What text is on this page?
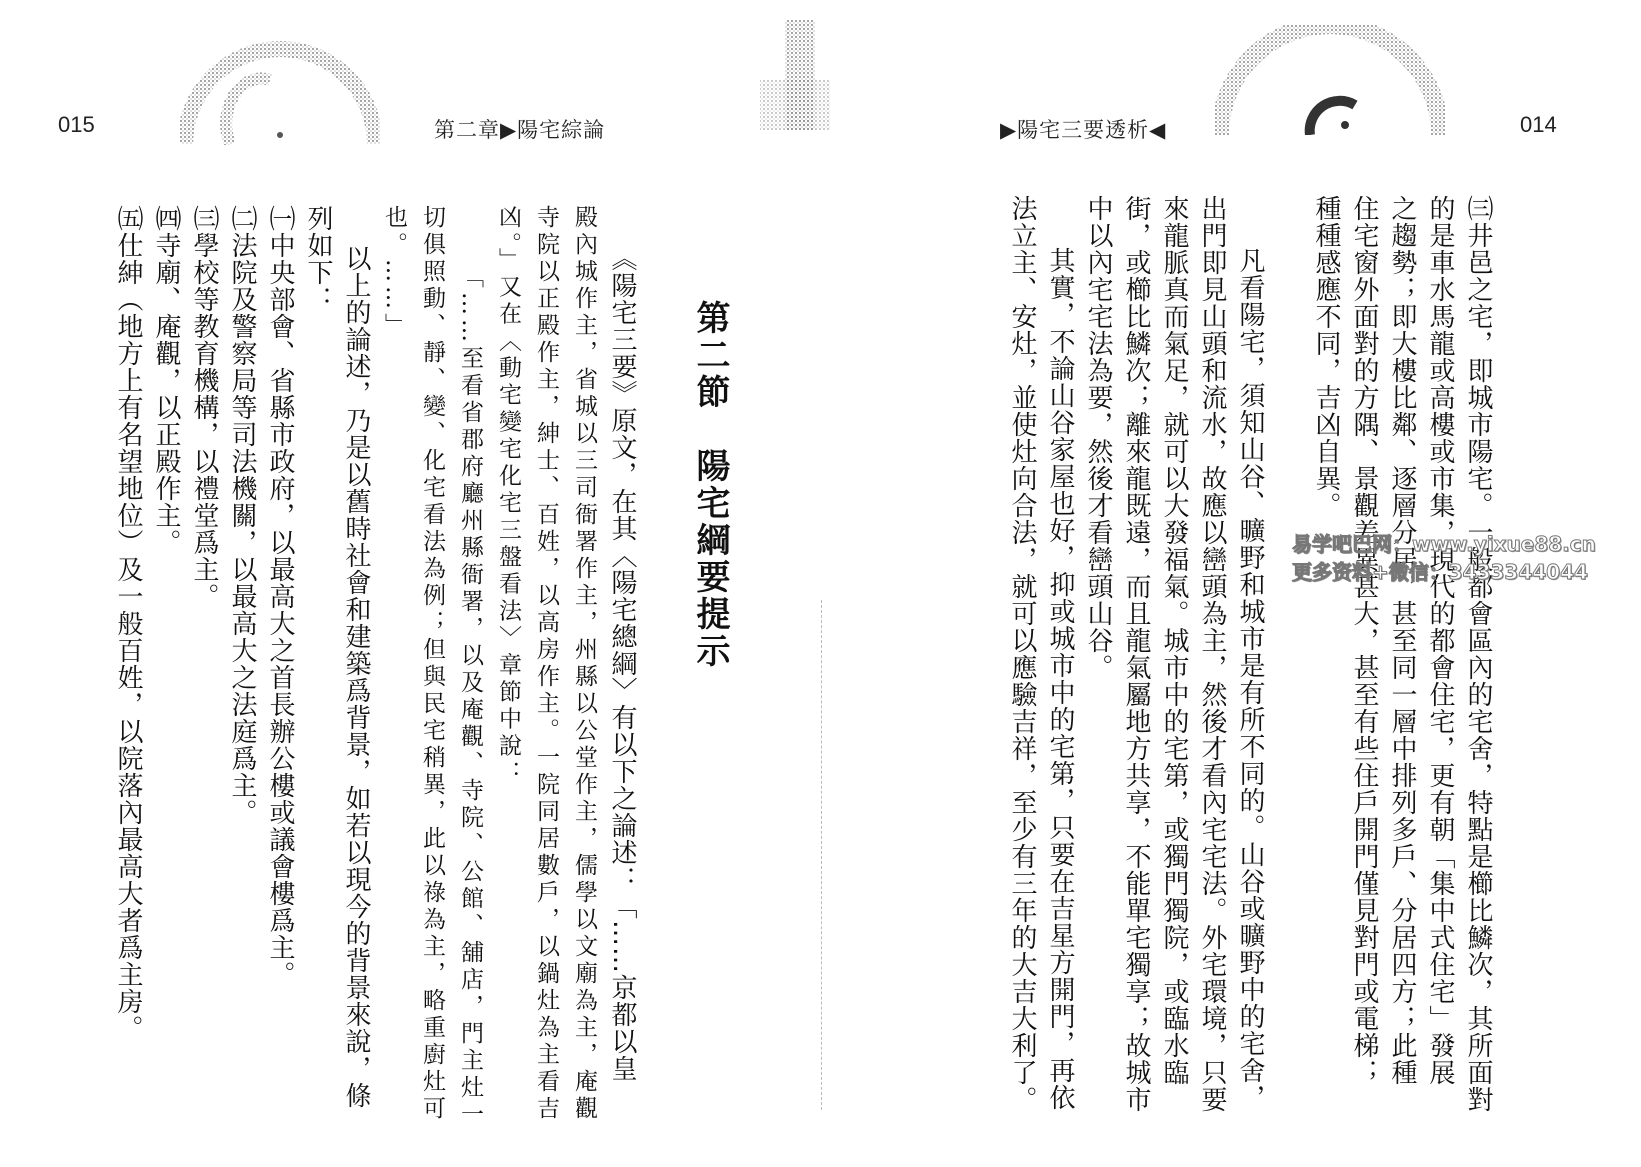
015	第二章▶陽宅綜論
第二節　陽宅綱要提示
《陽宅三要》原文，在其〈陽宅總綱〉有以下之論述：「……京都以皇
殿內城作主，省城以三司衙署作主，州縣以公堂作主，儒學以文廟為主，庵觀
寺院以正殿作主，紳士、百姓，以高房作主。一院同居數戶，以鍋灶為主看吉
凶。」又在〈動宅變宅化宅三盤看法〉章節中說：
「……至看省郡府廳州縣衙署，以及庵觀、寺院、公館、舖店，門主灶一
切俱照動、靜、變、化宅看法為例；但與民宅稍異，此以祿為主，略重廚灶可
也。……」
以上的論述，乃是以舊時社會和建築爲背景，如若以現今的背景來說，條
列如下：
㈠中央部會、省縣市政府，以最高大之首長辦公樓或議會樓爲主。
㈡法院及警察局等司法機關，以最高大之法庭爲主。
㈢學校等教育機構，以禮堂爲主。
㈣寺廟、庵觀，以正殿作主。
㈤仕紳（地方上有名望地位）及一般百姓，以院落內最高大者爲主房。
▶陽宅三要透析◀	014
㈢井邑之宅，即城市陽宅。一般都會區內的宅舍，特點是櫛比鱗次，其所面對
的是車水馬龍或高樓或市集，現代的都會住宅，更有朝「集中式住宅」發展
之趨勢；即大樓比鄰、逐層分居，甚至同一層中排列多戶、分居四方；此種
住宅窗外面對的方隅、景觀差異甚大，甚至有些住戶開門僅見對門或電梯；
種種感應不同，吉凶自異。
凡看陽宅，須知山谷、曠野和城市是有所不同的。山谷或曠野中的宅舍，
出門即見山頭和流水，故應以巒頭為主，然後才看內宅宅法。外宅環境，只要
來龍脈真而氣足，就可以大發福氣。城市中的宅第，或獨門獨院，或臨水臨
街，或櫛比鱗次；離來龍既遠，而且龍氣屬地方共享，不能單宅獨享；故城市
中以內宅宅法為要，然後才看巒頭山谷。
其實，不論山谷家屋也好，抑或城市中的宅第，只要在吉星方開門，再依
法立主、安灶，並使灶向合法，就可以應驗吉祥，至少有三年的大吉大利了。	易学吧巴网：www.yixue88.cn
更多资料+微信：3433344044
